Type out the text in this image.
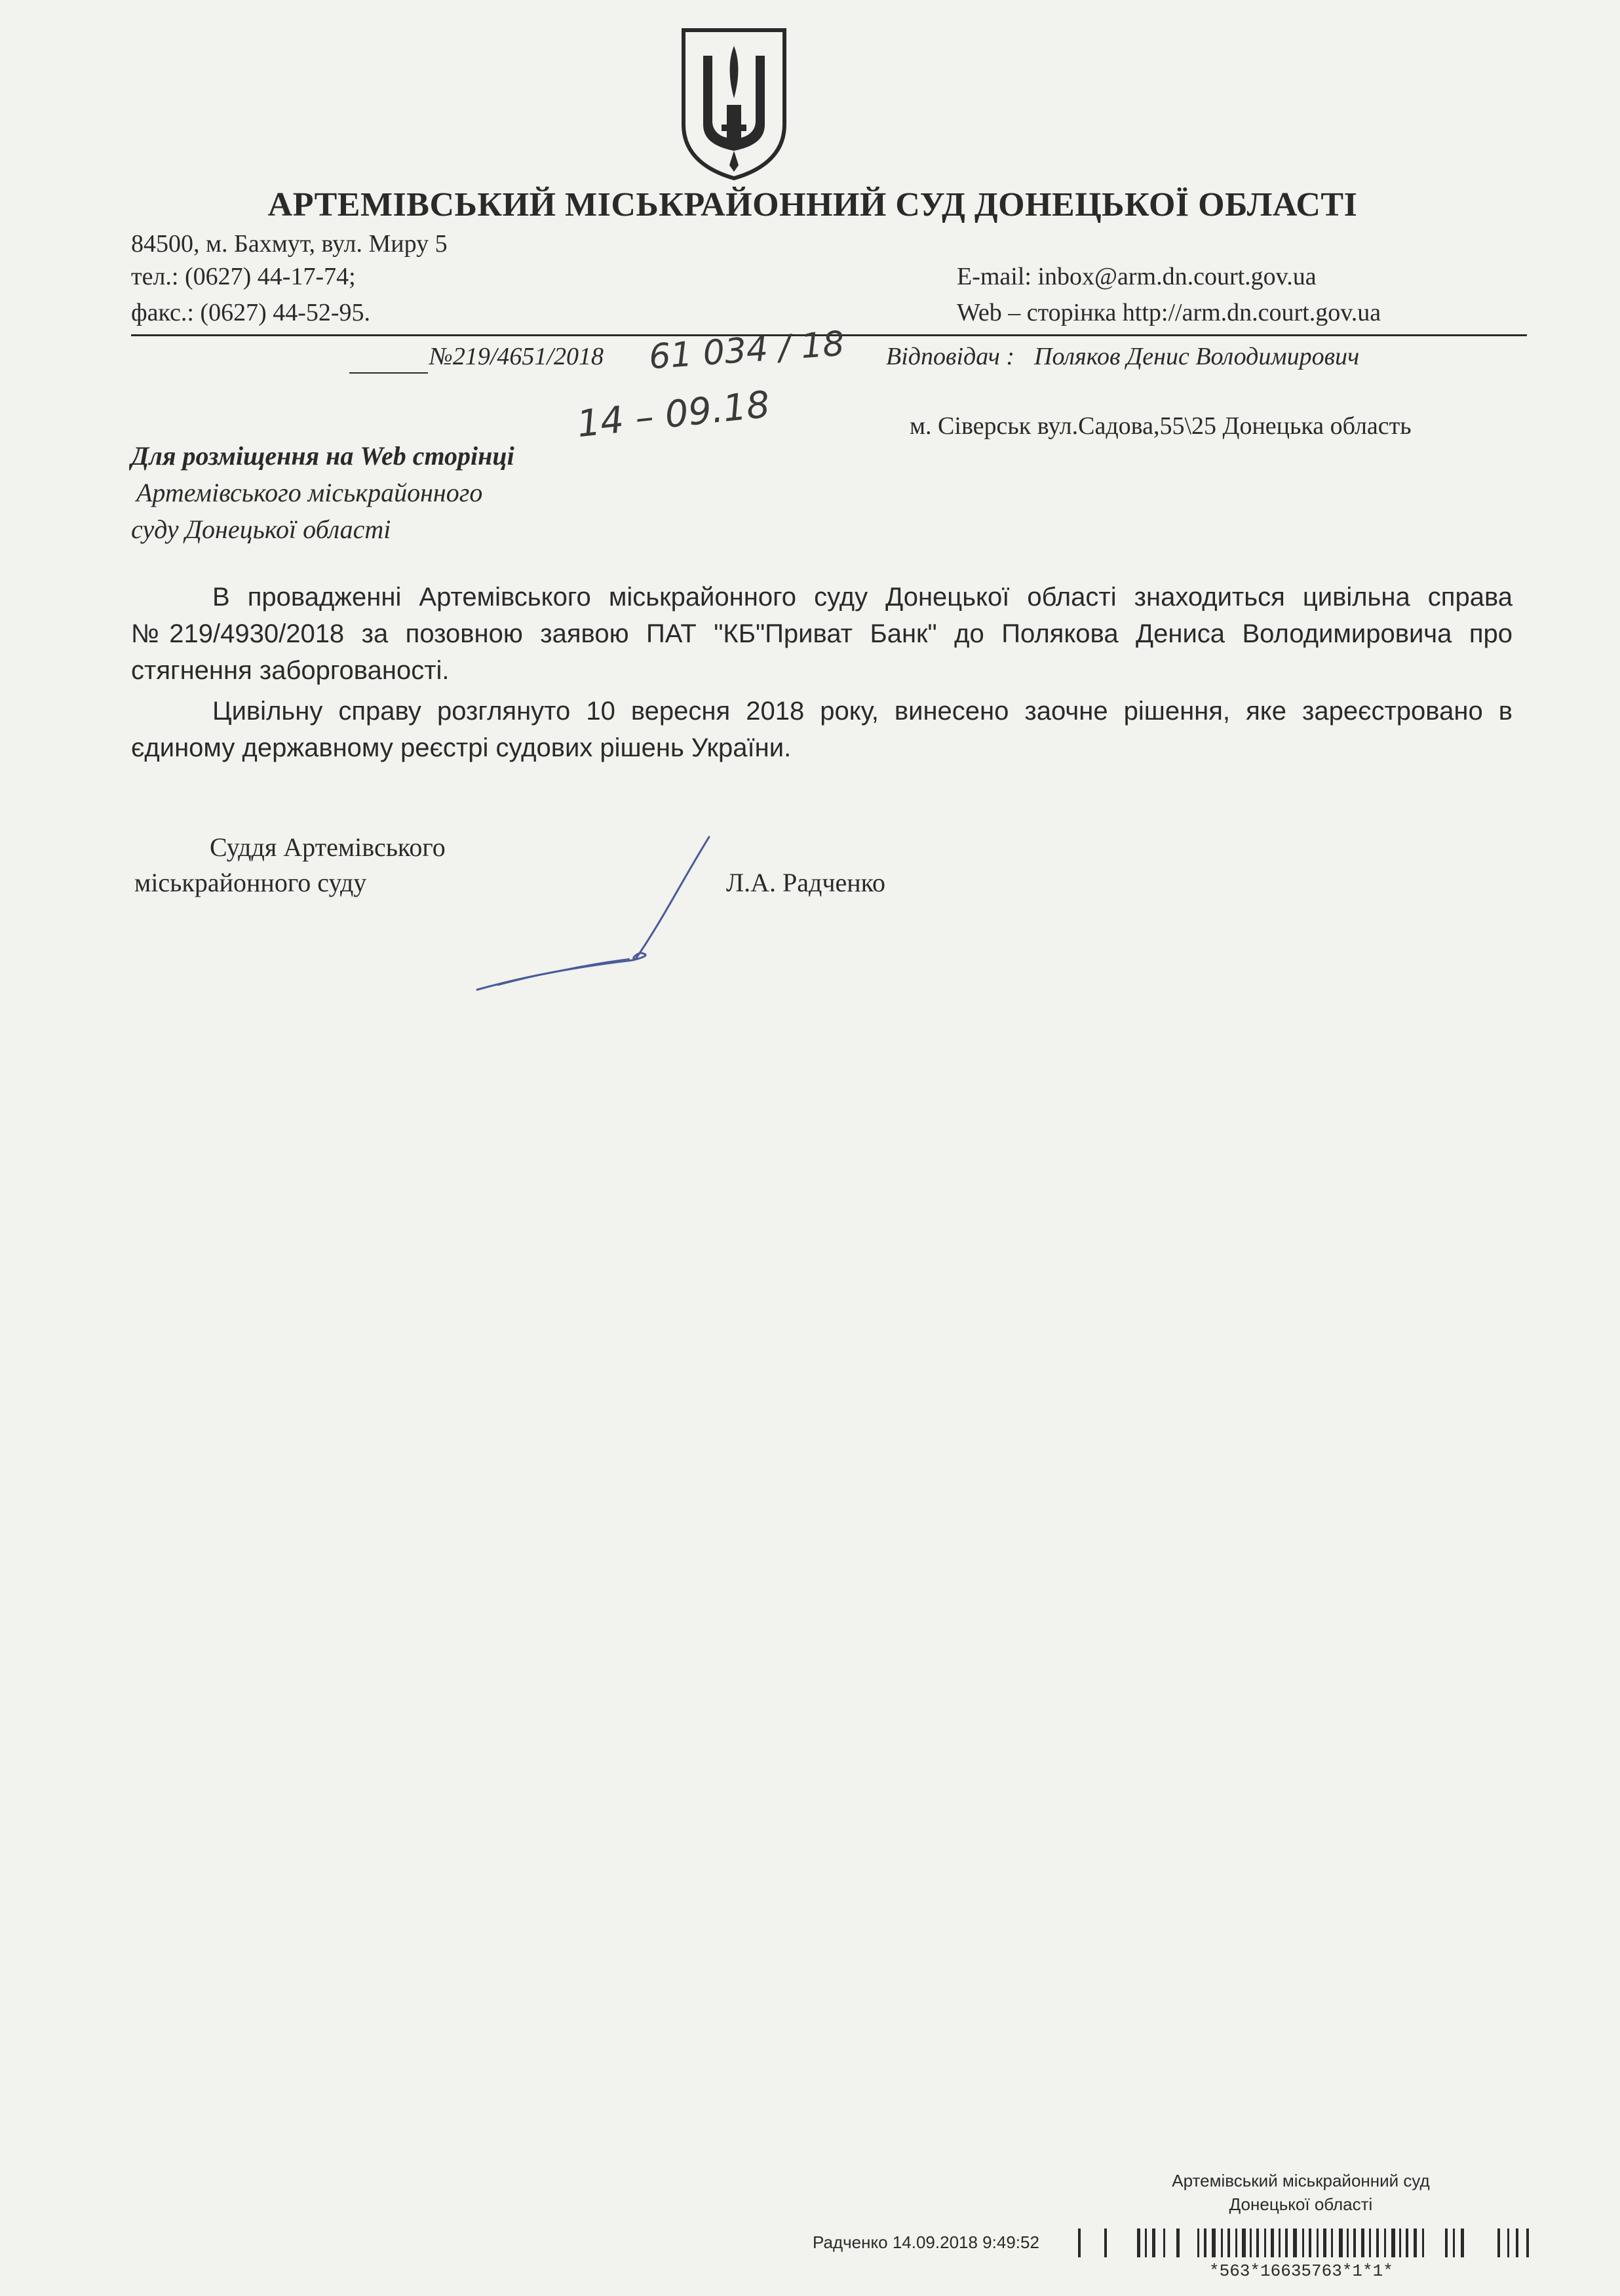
АРТЕМІВСЬКИЙ МІСЬКРАЙОННИЙ СУД ДОНЕЦЬКОЇ ОБЛАСТІ
84500, м. Бахмут, вул. Миру 5
тел.: (0627) 44-17-74;
факс.: (0627) 44-52-95.
E-mail: inbox@arm.dn.court.gov.ua
Web – сторінка http://arm.dn.court.gov.ua
№219/4651/2018 61 034 / 18
14 – 09.18
Відповідач : Поляков Денис Володимирович
м. Сіверськ вул.Садова,55\25 Донецька область
Для розміщення на Web сторінці
Артемівського міськрайонного
суду Донецької області

В провадженні Артемівського міськрайонного суду Донецької області знаходиться цивільна справа №219/4930/2018 за позовною заявою ПАТ "КБ"Приват Банк" до Полякова Дениса Володимировича про стягнення заборгованості.

Цивільну справу розглянуто 10 вересня 2018 року, винесено заочне рішення, яке зареєстровано в єдиному державному реєстрі судових рішень України.

Суддя Артемівського
міськрайонного суду	Л.А. Радченко
Артемівський міськрайонний суд
Донецької області
Радченко 14.09.2018 9:49:52
*563*16635763*1*1*
